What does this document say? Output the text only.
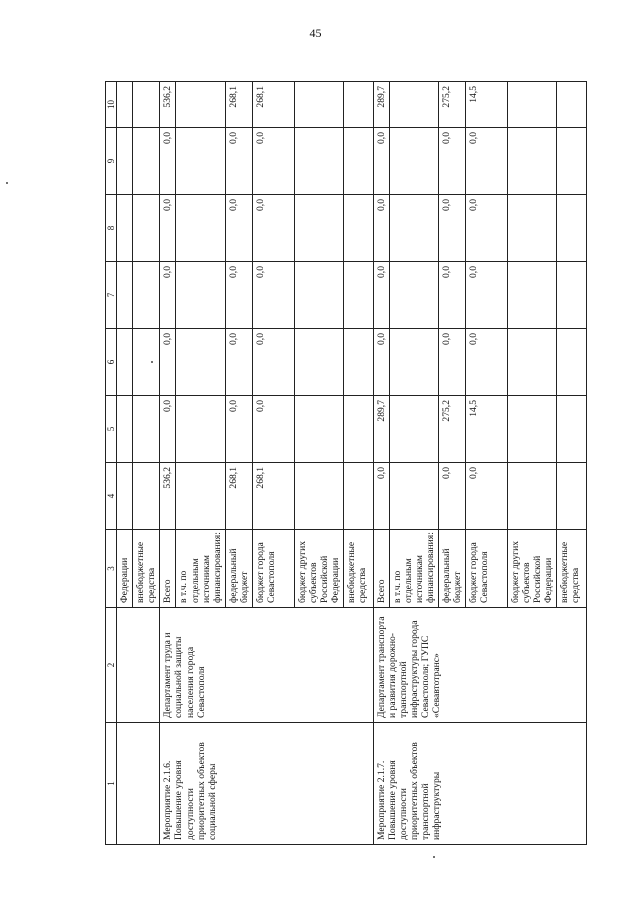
45
1	2	3	4	5	6	7	8	9	10
		Федерации							
		внебюджетные средства							
Мероприятие 2.1.6. Повышение уровня доступности приоритетных объектов социальной сферы	Департамент труда и социальной защиты населения города Севастополя	Всего	536,2	0,0	0,0	0,0	0,0	0,0	536,2
		в т.ч. по отдельным источникам финансирования:							
		федеральный бюджет	268,1	0,0	0,0	0,0	0,0	0,0	268,1
		бюджет города Севастополя	268,1	0,0	0,0	0,0	0,0	0,0	268,1
		бюджет других субъектов Российской Федерации							
		внебюджетные средства							
Мероприятие 2.1.7. Повышение уровня доступности приоритетных объектов транспортной инфраструктуры	Департамент транспорта и развития дорожно-транспортной инфраструктуры города Севастополя; ГУПС «Севавтотранс»	Всего	0,0	289,7	0,0	0,0	0,0	0,0	289,7
		в т.ч. по отдельным источникам финансирования:							
		федеральный бюджет	0,0	275,2	0,0	0,0	0,0	0,0	275,2
		бюджет города Севастополя	0,0	14,5	0,0	0,0	0,0	0,0	14,5
		бюджет других субъектов Российской Федерации							
		внебюджетные средства							
